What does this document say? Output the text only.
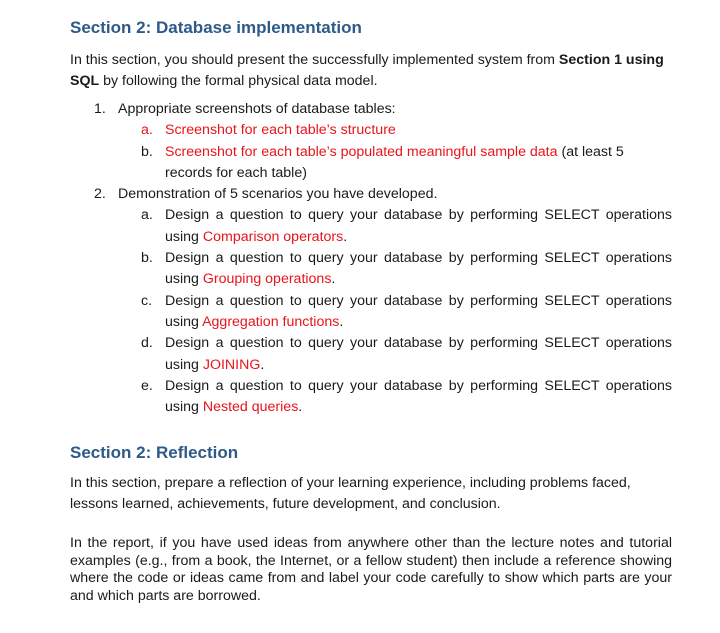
Section 2: Database implementation

In this section, you should present the successfully implemented system from Section 1 using SQL by following the formal physical data model.

1. Appropriate screenshots of database tables:
a. Screenshot for each table’s structure
b. Screenshot for each table’s populated meaningful sample data (at least 5 records for each table)
2. Demonstration of 5 scenarios you have developed.
a. Design a question to query your database by performing SELECT operations using Comparison operators.
b. Design a question to query your database by performing SELECT operations using Grouping operations.
c. Design a question to query your database by performing SELECT operations using Aggregation functions.
d. Design a question to query your database by performing SELECT operations using JOINING.
e. Design a question to query your database by performing SELECT operations using Nested queries.
Section 2: Reflection

In this section, prepare a reflection of your learning experience, including problems faced, lessons learned, achievements, future development, and conclusion.

In the report, if you have used ideas from anywhere other than the lecture notes and tutorial examples (e.g., from a book, the Internet, or a fellow student) then include a reference showing where the code or ideas came from and label your code carefully to show which parts are your and which parts are borrowed.
